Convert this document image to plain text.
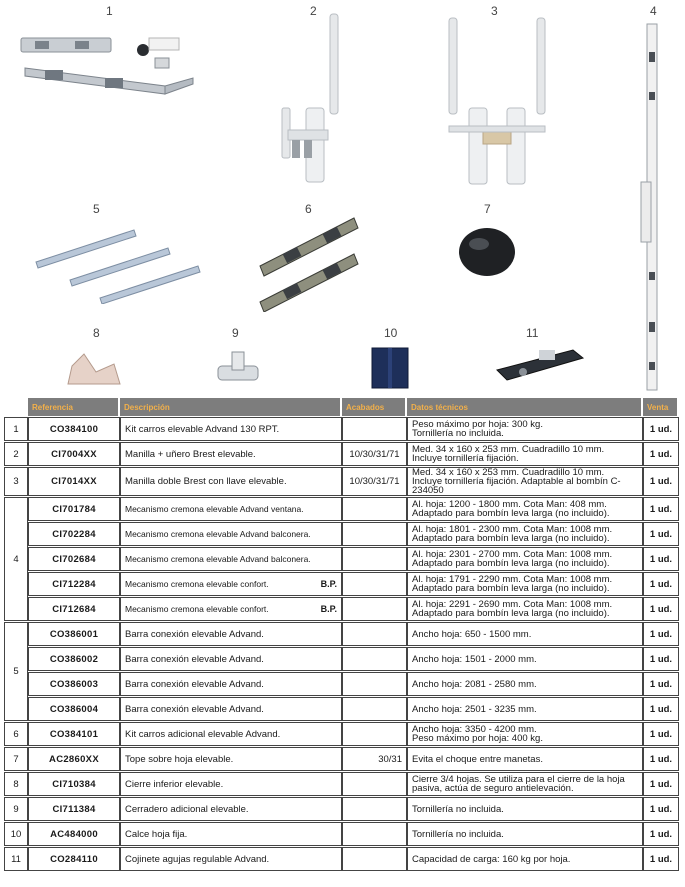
1	2	3	4
5	6	7
8	9	10	11
	Referencia	Descripción	Acabados	Datos técnicos	Venta
1	CO384100	Kit carros elevable Advand 130 RPT.		Peso máximo por hoja: 300 kg.
Tornillería no incluida.	1 ud.
2	CI7004XX	Manilla + uñero Brest elevable.	10/30/31/71	Med. 34 x 160 x 253 mm. Cuadradillo 10 mm.
Incluye tornillería fijación.	1 ud.
3	CI7014XX	Manilla doble Brest con llave elevable.	10/30/31/71	Med. 34 x 160 x 253 mm. Cuadradillo 10 mm.
Incluye tornillería fijación. Adaptable al bombín C-234050	1 ud.
4	CI701784	Mecanismo cremona elevable Advand ventana.		Al. hoja: 1200 - 1800 mm. Cota Man: 408 mm.
Adaptado para bombín leva larga (no incluido).	1 ud.
	CI702284	Mecanismo cremona elevable Advand balconera.		Al. hoja: 1801 - 2300 mm. Cota Man: 1008 mm.
Adaptado para bombín leva larga (no incluido).	1 ud.
	CI702684	Mecanismo cremona elevable Advand balconera.		Al. hoja: 2301 - 2700 mm. Cota Man: 1008 mm.
Adaptado para bombín leva larga (no incluido).	1 ud.
	CI712284	Mecanismo cremona elevable confort. B.P.		Al. hoja: 1791 - 2290 mm. Cota Man: 1008 mm.
Adaptado para bombín leva larga (no incluido).	1 ud.
	CI712684	Mecanismo cremona elevable confort. B.P.		Al. hoja: 2291 - 2690 mm. Cota Man: 1008 mm.
Adaptado para bombín leva larga (no incluido).	1 ud.
5	CO386001	Barra conexión elevable Advand.		Ancho hoja: 650 - 1500 mm.	1 ud.
	CO386002	Barra conexión elevable Advand.		Ancho hoja: 1501 - 2000 mm.	1 ud.
	CO386003	Barra conexión elevable Advand.		Ancho hoja: 2081 - 2580 mm.	1 ud.
	CO386004	Barra conexión elevable Advand.		Ancho hoja: 2501 - 3235 mm.	1 ud.
6	CO384101	Kit carros adicional elevable Advand.		Ancho hoja: 3350 - 4200 mm.
Peso máximo por hoja: 400 kg.	1 ud.
7	AC2860XX	Tope sobre hoja elevable.	30/31	Evita el choque entre manetas.	1 ud.
8	CI710384	Cierre inferior elevable.		Cierre 3/4 hojas. Se utiliza para el cierre de la hoja
pasiva, actúa de seguro antielevación.	1 ud.
9	CI711384	Cerradero adicional elevable.		Tornillería no incluida.	1 ud.
10	AC484000	Calce hoja fija.		Tornillería no incluida.	1 ud.
11	CO284110	Cojinete agujas regulable Advand.		Capacidad de carga: 160 kg por hoja.	1 ud.
